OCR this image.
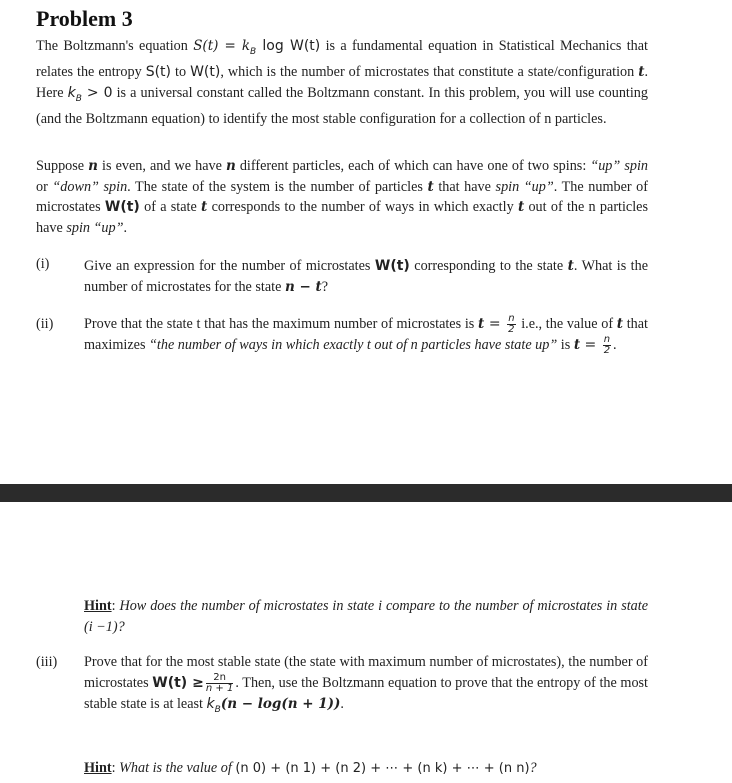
Problem 3
The Boltzmann's equation $S(t) = k_B$ log W(t) is a fundamental equation in Statistical Mechanics that relates the entropy S(t) to W(t), which is the number of microstates that constitute a state/configuration t. Here $k_B > 0$ is a universal constant called the Boltzmann constant. In this problem, you will use counting (and the Boltzmann equation) to identify the most stable configuration for a collection of n particles.
Suppose n is even, and we have n different particles, each of which can have one of two spins: “up” spin or “down” spin. The state of the system is the number of particles t that have spin “up”. The number of microstates W(t) of a state t corresponds to the number of ways in which exactly t out of the n particles have spin “up”.
(i) Give an expression for the number of microstates W(t) corresponding to the state t. What is the number of microstates for the state n − t?
(ii) Prove that the state t that has the maximum number of microstates is $t = \frac{n}{2} i.e$., the value of t that maximizes “the number of ways in which exactly t out of n particles have state up” is $t = \frac{n}{2}$ .
Hint: How does the number of microstates in state i compare to the number of microstates in state (i −1)?
(iii) Prove that for the most stable state (the state with maximum number of microstates), the number of microstates $W(t) \ge \frac{2n}{n + 1}$ . Then, use the Boltzmann equation to prove that the entropy of the most stable state is at least $k_B(n - \log(n + 1))$.
Hint: What is the value of (n 0) + (n 1) + (n 2) + ⋯ + (n k) + ⋯ + (n n)?
